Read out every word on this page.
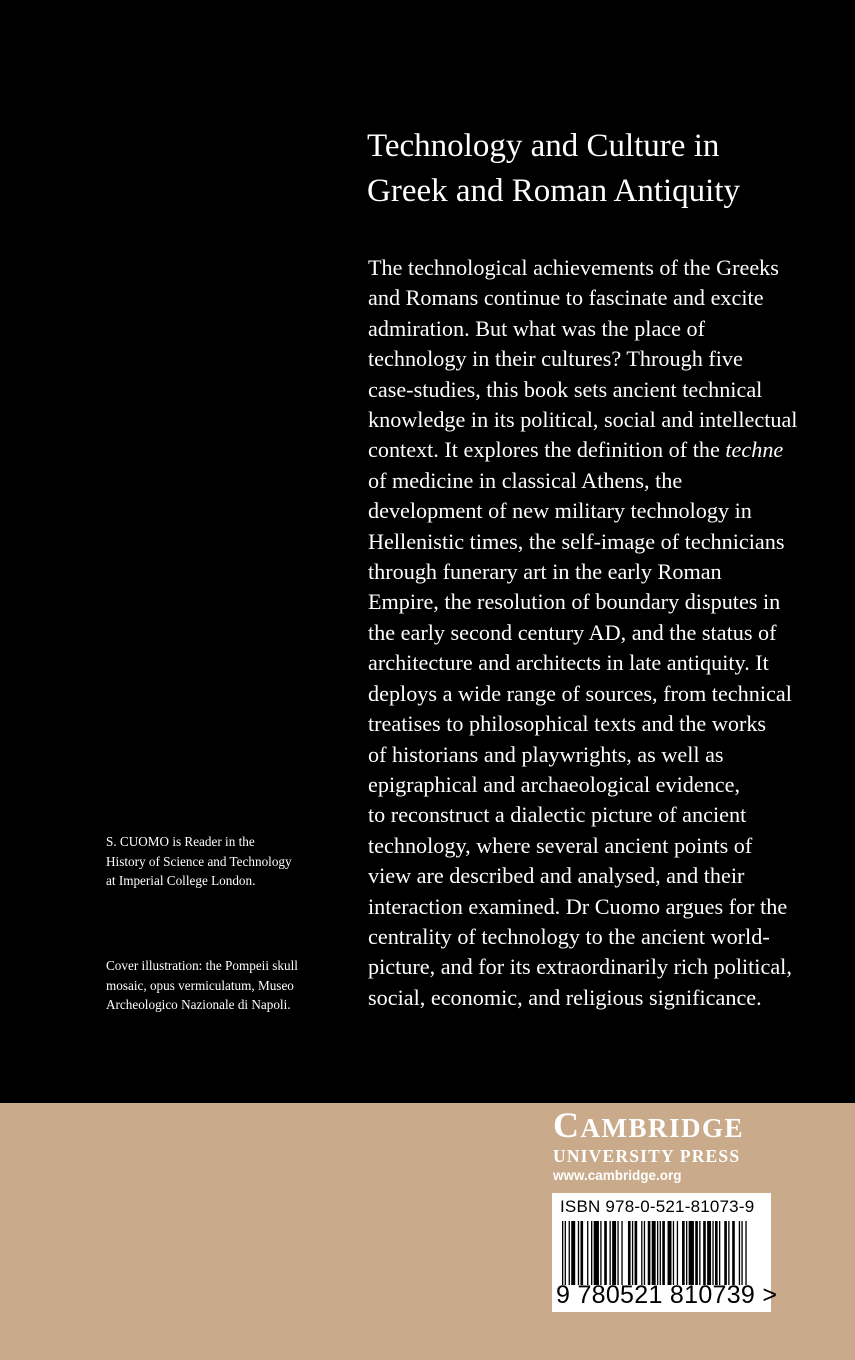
Technology and Culture in
Greek and Roman Antiquity

The technological achievements of the Greeks
and Romans continue to fascinate and excite
admiration. But what was the place of
technology in their cultures? Through five
case-studies, this book sets ancient technical
knowledge in its political, social and intellectual
context. It explores the definition of the techne
of medicine in classical Athens, the
development of new military technology in
Hellenistic times, the self-image of technicians
through funerary art in the early Roman
Empire, the resolution of boundary disputes in
the early second century AD, and the status of
architecture and architects in late antiquity. It
deploys a wide range of sources, from technical
treatises to philosophical texts and the works
of historians and playwrights, as well as
epigraphical and archaeological evidence,
to reconstruct a dialectic picture of ancient
technology, where several ancient points of
view are described and analysed, and their
interaction examined. Dr Cuomo argues for the
centrality of technology to the ancient world-
picture, and for its extraordinarily rich political,
social, economic, and religious significance.

S. CUOMO is Reader in the
History of Science and Technology
at Imperial College London.

Cover illustration: the Pompeii skull
mosaic, opus vermiculatum, Museo
Archeologico Nazionale di Napoli.

CAMBRIDGE
UNIVERSITY PRESS
www.cambridge.org
ISBN 978-0-521-81073-9
9 780521 810739 >
